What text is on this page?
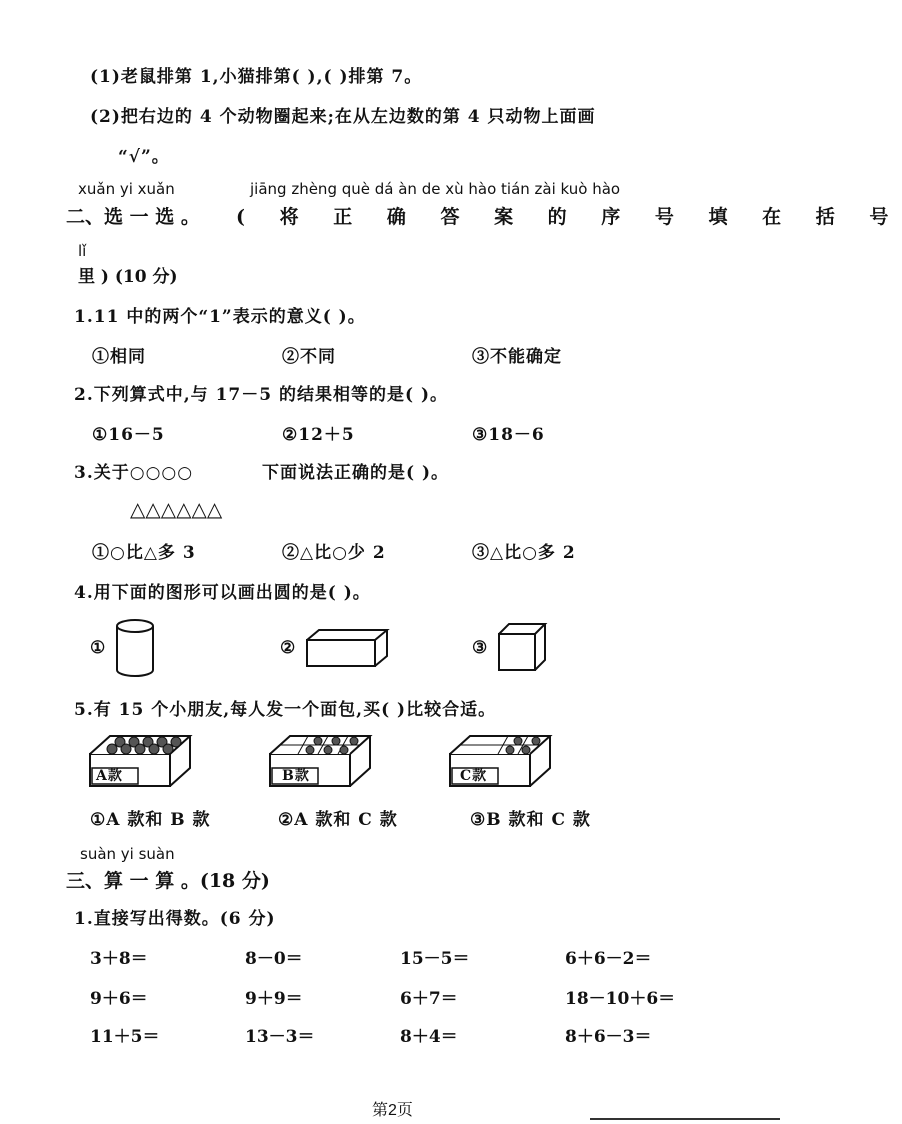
(1)老鼠排第 1,小猫排第( ),( )排第 7。
(2)把右边的 4 个动物圈起来;在从左边数的第 4 只动物上面画
“√”。
xuǎn yi xuǎn	jiāng zhèng què dá àn de xù hào tián zài kuò hào
二、选 一 选 。 ( 将 正 确 答 案 的 序 号 填 在 括 号
lǐ
里 ) (10 分)
1.11 中的两个“1”表示的意义( )。
①相同	②不同	③不能确定
2.下列算式中,与 17－5 的结果相等的是( )。
①16－5	②12＋5	③18－6
3.关于○○○○	下面说法正确的是( )。
△△△△△△
①○比△多 3	②△比○少 2	③△比○多 2
4.用下面的图形可以画出圆的是( )。
①	②	③
5.有 15 个小朋友,每人发一个面包,买( )比较合适。
A款	B款	C款
①A 款和 B 款	②A 款和 C 款	③B 款和 C 款
suàn yi suàn
三、算 一 算 。(18 分)
1.直接写出得数。(6 分)
3＋8＝	8－0＝	15－5＝	6＋6－2＝
9＋6＝	9＋9＝	6＋7＝	18－10＋6＝
11＋5＝	13－3＝	8＋4＝	8＋6－3＝
第2页
